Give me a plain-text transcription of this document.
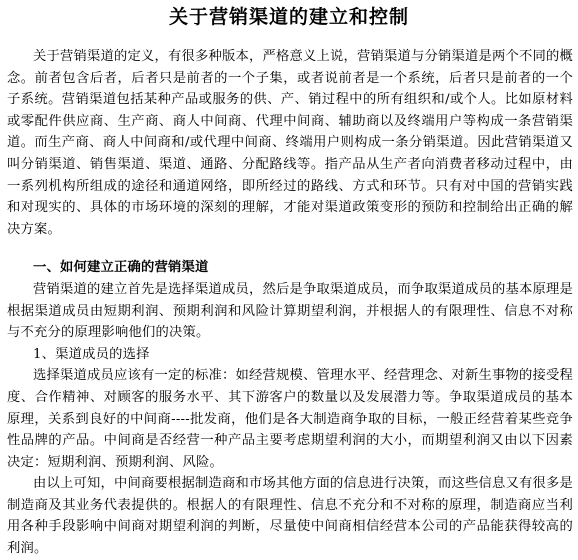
关于营销渠道的建立和控制

关于营销渠道的定义，有很多种版本，严格意义上说，营销渠道与分销渠道是两个不同的概念。前者包含后者，后者只是前者的一个子集，或者说前者是一个系统，后者只是前者的一个子系统。营销渠道包括某种产品或服务的供、产、销过程中的所有组织和/或个人。比如原材料或零配件供应商、生产商、商人中间商、代理中间商、辅助商以及终端用户等构成一条营销渠道。而生产商、商人中间商和/或代理中间商、终端用户则构成一条分销渠道。因此营销渠道又叫分销渠道、销售渠道、渠道、通路、分配路线等。指产品从生产者向消费者移动过程中，由一系列机构所组成的途径和通道网络，即所经过的路线、方式和环节。只有对中国的营销实践和对现实的、具体的市场环境的深刻的理解，才能对渠道政策变形的预防和控制给出正确的解决方案。

一、如何建立正确的营销渠道

营销渠道的建立首先是选择渠道成员，然后是争取渠道成员，而争取渠道成员的基本原理是根据渠道成员由短期利润、预期利润和风险计算期望利润，并根据人的有限理性、信息不对称与不充分的原理影响他们的决策。

1、渠道成员的选择

选择渠道成员应该有一定的标准：如经营规模、管理水平、经营理念、对新生事物的接受程度、合作精神、对顾客的服务水平、其下游客户的数量以及发展潜力等。争取渠道成员的基本原理，关系到良好的中间商----批发商，他们是各大制造商争取的目标，一般正经营着某些竞争性品牌的产品。中间商是否经营一种产品主要考虑期望利润的大小，而期望利润又由以下因素决定：短期利润、预期利润、风险。

由以上可知，中间商要根据制造商和市场其他方面的信息进行决策，而这些信息又有很多是制造商及其业务代表提供的。根据人的有限理性、信息不充分和不对称的原理，制造商应当利用各种手段影响中间商对期望利润的判断，尽量使中间商相信经营本公司的产品能获得较高的利润。
